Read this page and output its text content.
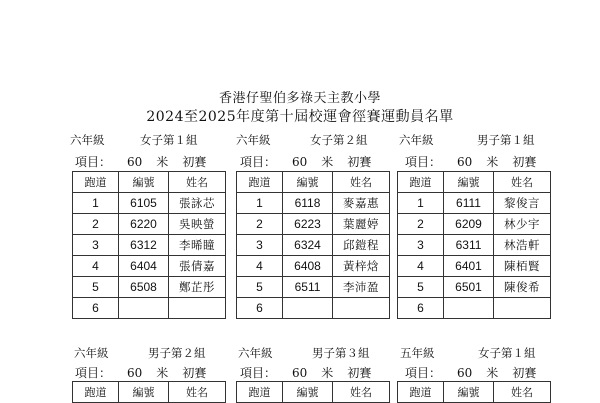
香港仔聖伯多祿天主教小學
2024至2025年度第十屆校運會徑賽運動員名單
六年級	女子第１組
項目： 60 米 初賽
跑道	編號	姓名
1	6105	張詠芯
2	6220	吳映螢
3	6312	李晞瞳
4	6404	張倩嘉
5	6508	鄭芷彤
6		
六年級	女子第２組
項目： 60 米 初賽
跑道	編號	姓名
1	6118	麥嘉惠
2	6223	葉麗婷
3	6324	邱鎧程
4	6408	黃梓焓
5	6511	李沛盈
6		
六年級	男子第１組
項目： 60 米 初賽
跑道	編號	姓名
1	6111	黎俊言
2	6209	林少宇
3	6311	林浩軒
4	6401	陳栢賢
5	6501	陳俊希
6		
六年級	男子第２組
項目： 60 米 初賽
跑道	編號	姓名
六年級	男子第３組
項目： 60 米 初賽
跑道	編號	姓名
五年級	女子第１組
項目： 60 米 初賽
跑道	編號	姓名
